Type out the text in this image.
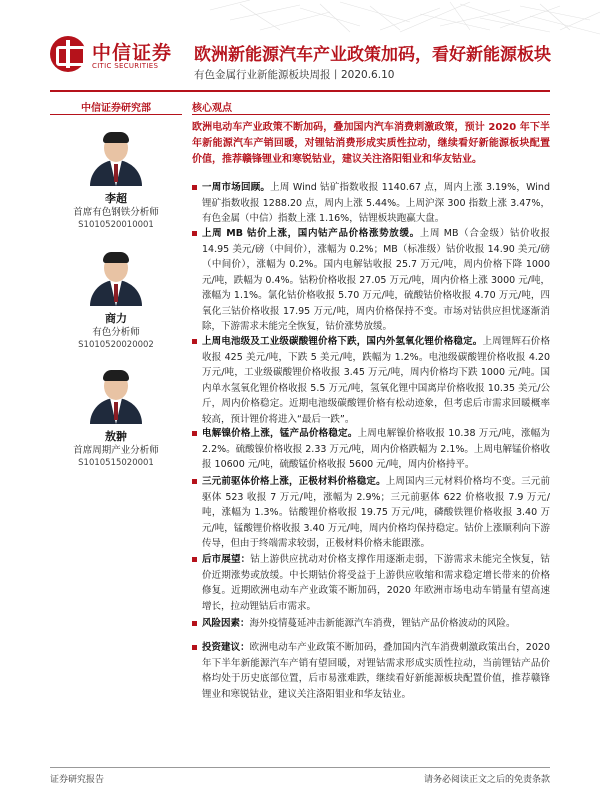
中信证券
CITIC SECURITIES
欧洲新能源汽车产业政策加码，看好新能源板块
有色金属行业新能源板块周报丨2020.6.10
中信证券研究部	核心观点
李超
首席有色钢铁分析师
S1010520010001
商力
有色分析师
S1010520020002
敖翀
首席周期产业分析师
S1010515020001
欧洲电动车产业政策不断加码，叠加国内汽车消费刺激政策，预计 2020 年下半年新能源汽车产销回暖，对锂钴消费形成实质性拉动，继续看好新能源板块配置价值，推荐赣锋锂业和寒锐钴业，建议关注洛阳钼业和华友钴业。
一周市场回顾。上周 Wind 钴矿指数收报 1140.67 点，周内上涨 3.19%，Wind 锂矿指数收报 1288.20 点，周内上涨 5.44%。上周沪深 300 指数上涨 3.47%，有色金属（中信）指数上涨 1.16%，钴锂板块跑赢大盘。
上周 MB 钴价上涨，国内钴产品价格涨势放缓。上周 MB（合金级）钴价收报 14.95 美元/磅（中间价），涨幅为 0.2%；MB（标准级）钴价收报 14.90 美元/磅（中间价），涨幅为 0.2%。国内电解钴收报 25.7 万元/吨，周内价格下降 1000 元/吨，跌幅为 0.4%。钴粉价格收报 27.05 万元/吨，周内价格上涨 3000 元/吨，涨幅为 1.1%。氯化钴价格收报 5.70 万元/吨，硫酸钴价格收报 4.70 万元/吨，四氧化三钴价格收报 17.95 万元/吨，周内价格保持不变。市场对钴供应担忧逐渐消除，下游需求未能完全恢复，钴价涨势放缓。
上周电池级及工业级碳酸锂价格下跌，国内外氢氧化锂价格稳定。上周锂辉石价格收报 425 美元/吨，下跌 5 美元/吨，跌幅为 1.2%。电池级碳酸锂价格收报 4.20 万元/吨，工业级碳酸锂价格收报 3.45 万元/吨，周内价格均下跌 1000 元/吨。国内单水氢氧化锂价格收报 5.5 万元/吨，氢氧化锂中国离岸价格收报 10.35 美元/公斤，周内价格稳定。近期电池级碳酸锂价格有松动迹象，但考虑后市需求回暖概率较高，预计锂价将进入“最后一跌”。
电解镍价格上涨，锰产品价格稳定。上周电解镍价格收报 10.38 万元/吨，涨幅为 2.2%。硫酸镍价格收报 2.33 万元/吨，周内价格跌幅为 2.1%。上周电解锰价格收报 10600 元/吨，硫酸锰价格收报 5600 元/吨，周内价格持平。
三元前驱体价格上涨，正极材料价格稳定。上周国内三元材料价格均不变。三元前驱体 523 收报 7 万元/吨，涨幅为 2.9%；三元前驱体 622 价格收报 7.9 万元/吨，涨幅为 1.3%。钴酸锂价格收报 19.75 万元/吨，磷酸铁锂价格收报 3.40 万元/吨，锰酸锂价格收报 3.40 万元/吨，周内价格均保持稳定。钴价上涨顺利向下游传导，但由于终端需求较弱，正极材料价格未能跟涨。
后市展望：钴上游供应扰动对价格支撑作用逐渐走弱，下游需求未能完全恢复，钴价近期涨势或放缓。中长期钴价将受益于上游供应收缩和需求稳定增长带来的价格修复。近期欧洲电动车产业政策不断加码，2020 年欧洲市场电动车销量有望高速增长，拉动锂钴后市需求。
风险因素：海外疫情蔓延冲击新能源汽车消费，锂钴产品价格波动的风险。
投资建议：欧洲电动车产业政策不断加码，叠加国内汽车消费刺激政策出台，2020 年下半年新能源汽车产销有望回暖，对锂钴需求形成实质性拉动，当前锂钴产品价格均处于历史底部位置，后市易涨难跌，继续看好新能源板块配置价值，推荐赣锋锂业和寒锐钴业，建议关注洛阳钼业和华友钴业。
证券研究报告	请务必阅读正文之后的免责条款
